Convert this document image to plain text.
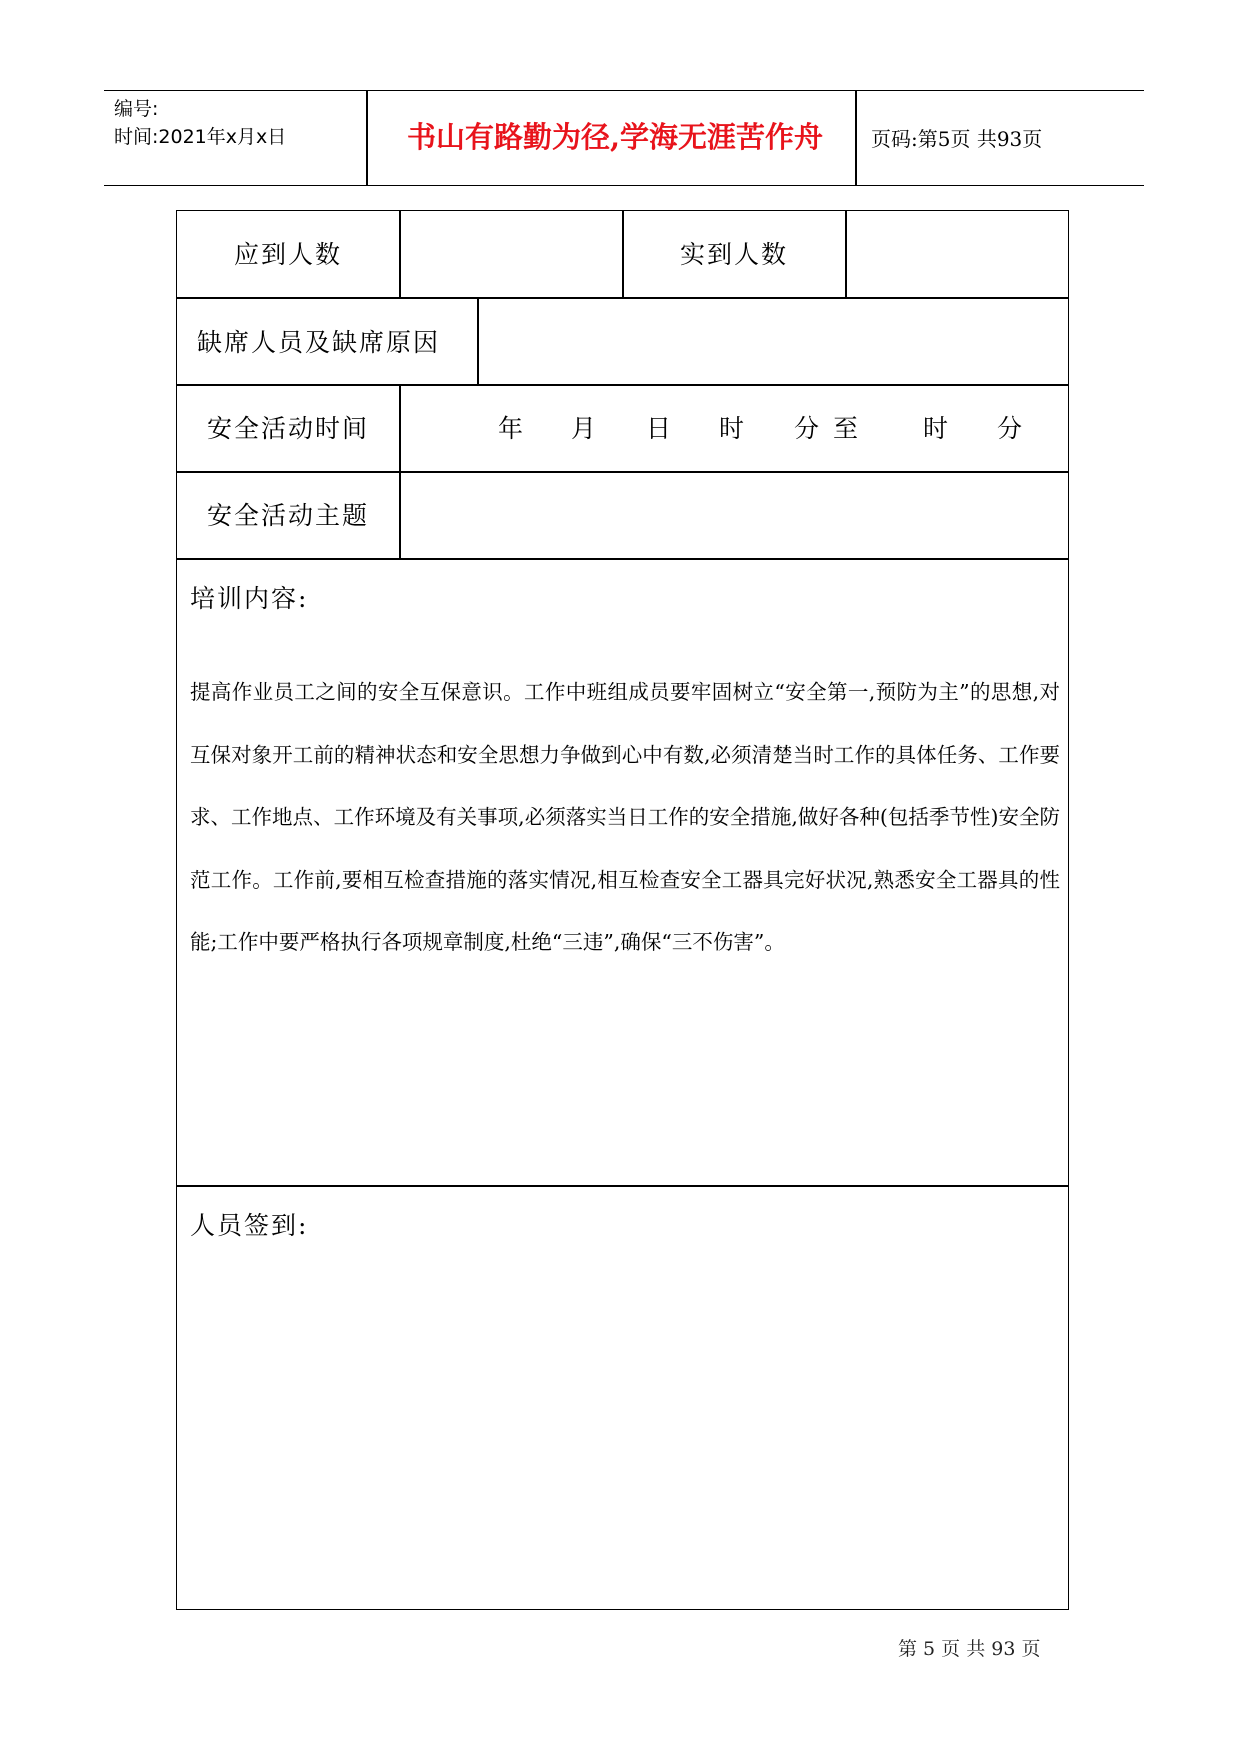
编号:
时间:2021年x月x日	书山有路勤为径,学海无涯苦作舟	页码:第5页 共93页
应到人数	实到人数
缺席人员及缺席原因
安全活动时间	年 月 日 时 分至 时 分
安全活动主题
培训内容:
提高作业员工之间的安全互保意识。工作中班组成员要牢固树立“安全第一,预防为主”的思想,对互保对象开工前的精神状态和安全思想力争做到心中有数,必须清楚当时工作的具体任务、工作要求、工作地点、工作环境及有关事项,必须落实当日工作的安全措施,做好各种(包括季节性)安全防范工作。工作前,要相互检查措施的落实情况,相互检查安全工器具完好状况,熟悉安全工器具的性能;工作中要严格执行各项规章制度,杜绝“三违”,确保“三不伤害”。
人员签到:
第 5 页 共 93 页
